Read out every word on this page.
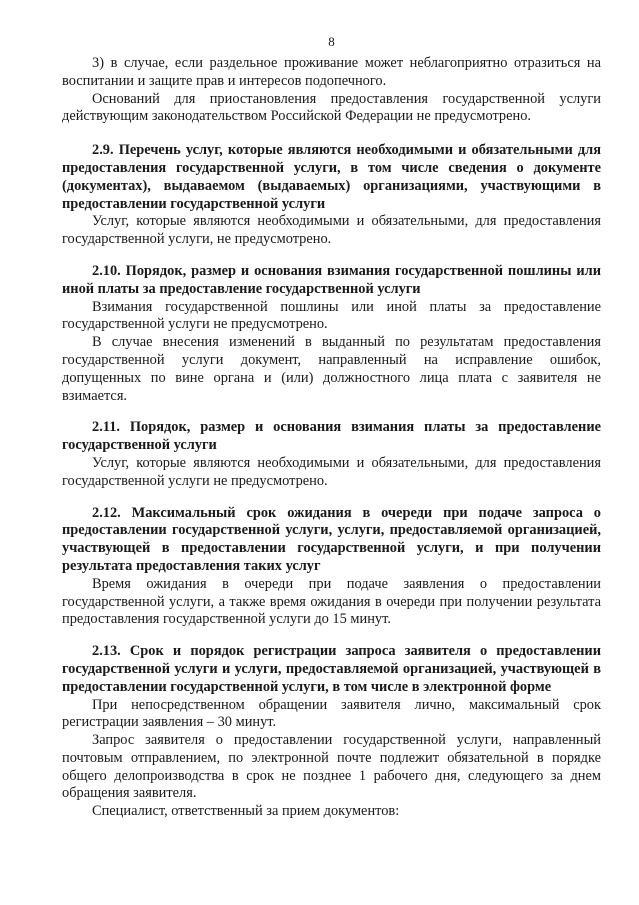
8

3) в случае, если раздельное проживание может неблагоприятно отразиться на воспитании и защите прав и интересов подопечного.

Оснований для приостановления предоставления государственной услуги действующим законодательством Российской Федерации не предусмотрено.

2.9. Перечень услуг, которые являются необходимыми и обязательными для предоставления государственной услуги, в том числе сведения о документе (документах), выдаваемом (выдаваемых) организациями, участвующими в предоставлении государственной услуги

Услуг, которые являются необходимыми и обязательными, для предоставления государственной услуги, не предусмотрено.

2.10. Порядок, размер и основания взимания государственной пошлины или иной платы за предоставление государственной услуги

Взимания государственной пошлины или иной платы за предоставление государственной услуги не предусмотрено.

В случае внесения изменений в выданный по результатам предоставления государственной услуги документ, направленный на исправление ошибок, допущенных по вине органа и (или) должностного лица плата с заявителя не взимается.

2.11. Порядок, размер и основания взимания платы за предоставление государственной услуги

Услуг, которые являются необходимыми и обязательными, для предоставления государственной услуги не предусмотрено.

2.12. Максимальный срок ожидания в очереди при подаче запроса о предоставлении государственной услуги, услуги, предоставляемой организацией, участвующей в предоставлении государственной услуги, и при получении результата предоставления таких услуг

Время ожидания в очереди при подаче заявления о предоставлении государственной услуги, а также время ожидания в очереди при получении результата предоставления государственной услуги до 15 минут.

2.13. Срок и порядок регистрации запроса заявителя о предоставлении государственной услуги и услуги, предоставляемой организацией, участвующей в предоставлении государственной услуги, в том числе в электронной форме

При непосредственном обращении заявителя лично, максимальный срок регистрации заявления – 30 минут.

Запрос заявителя о предоставлении государственной услуги, направленный почтовым отправлением, по электронной почте подлежит обязательной в порядке общего делопроизводства в срок не позднее 1 рабочего дня, следующего за днем обращения заявителя.

Специалист, ответственный за прием документов:
